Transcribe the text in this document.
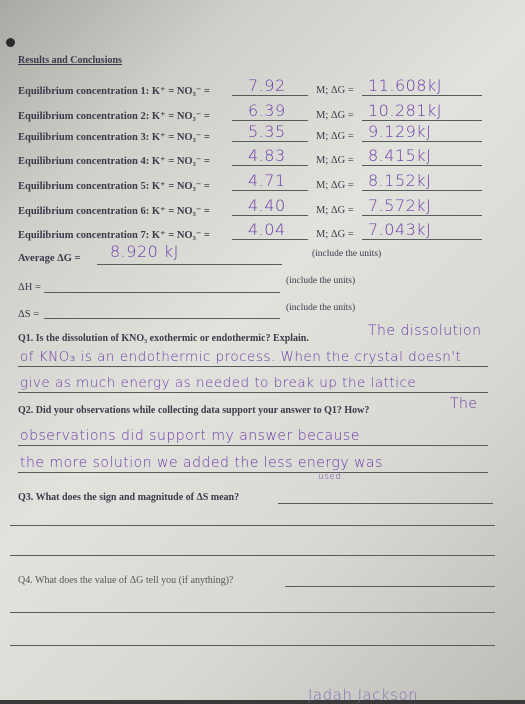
Results and Conclusions
Equilibrium concentration 1: K⁺ = NO₃⁻ = 7.92	M; ΔG = 11.608kJ
Equilibrium concentration 2: K⁺ = NO₃⁻ = 6.39	M; ΔG = 10.281kJ
Equilibrium concentration 3: K⁺ = NO₃⁻ = 5.35	M; ΔG = 9.129kJ
Equilibrium concentration 4: K⁺ = NO₃⁻ = 4.83	M; ΔG = 8.415kJ
Equilibrium concentration 5: K⁺ = NO₃⁻ = 4.71	M; ΔG = 8.152kJ
Equilibrium concentration 6: K⁺ = NO₃⁻ = 4.40	M; ΔG = 7.572kJ
Equilibrium concentration 7: K⁺ = NO₃⁻ = 4.04	M; ΔG = 7.043kJ
Average ΔG = 8.920 kJ	(include the units)
ΔH =
(include the units)
ΔS =
(include the units)
Q1. Is the dissolution of KNO₃ exothermic or endothermic? Explain.	The dissolution
of KNO₃ is an endothermic process. When the crystal doesn't
give as much energy as needed to break up the lattice
Q2. Did your observations while collecting data support your answer to Q1? How?	The
observations did support my answer because
the more solution we added the less energy was
used.
Q3. What does the sign and magnitude of ΔS mean?
Q4. What does the value of ΔG tell you (if anything)?
Jadah Jackson
